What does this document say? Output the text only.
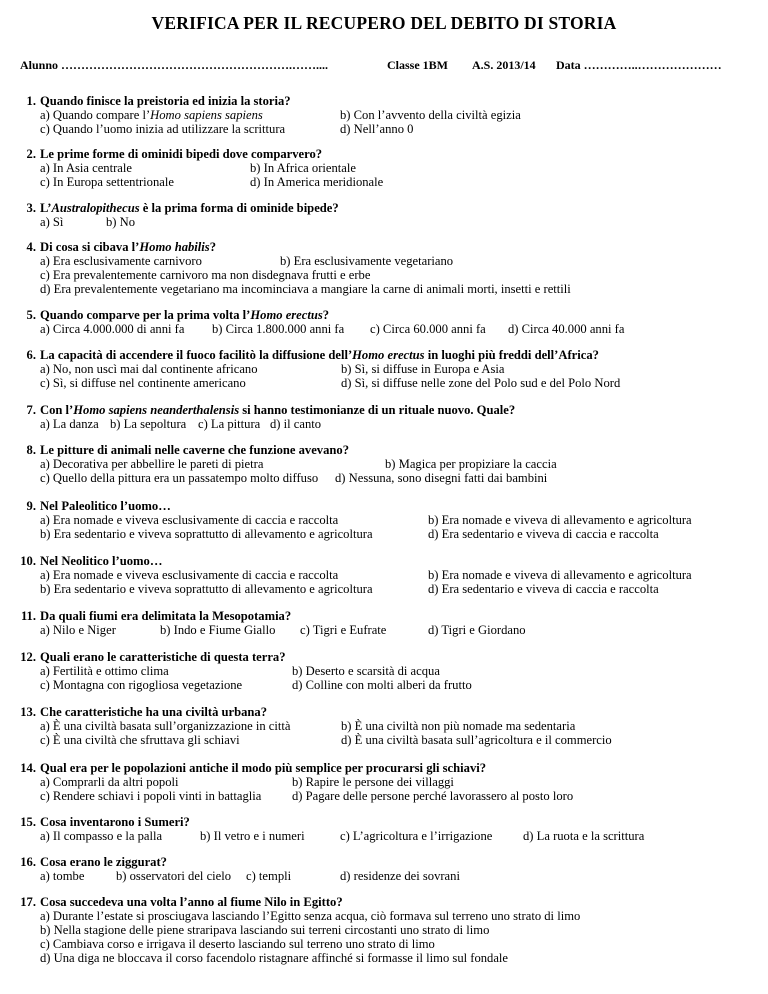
VERIFICA PER IL RECUPERO DEL DEBITO DI STORIA
Alunno ………………………………………………….……....	Classe 1BM A.S. 2013/14 Data …………..…………………
1. Quando finisce la preistoria ed inizia la storia?
a) Quando compare l’Homo sapiens sapiens	b) Con l’avvento della civiltà egizia
c) Quando l’uomo inizia ad utilizzare la scrittura	d) Nell’anno 0
2. Le prime forme di ominidi bipedi dove comparvero?
a) In Asia centrale	b) In Africa orientale
c) In Europa settentrionale	d) In America meridionale
3. L’Australopithecus è la prima forma di ominide bipede?
a) Sì	b) No
4. Di cosa si cibava l’Homo habilis?
a) Era esclusivamente carnivoro	b) Era esclusivamente vegetariano
c) Era prevalentemente carnivoro ma non disdegnava frutti e erbe
d) Era prevalentemente vegetariano ma incominciava a mangiare la carne di animali morti, insetti e rettili
5. Quando comparve per la prima volta l’Homo erectus?
a) Circa 4.000.000 di anni fa b) Circa 1.800.000 anni fa c) Circa 60.000 anni fa d) Circa 40.000 anni fa
6. La capacità di accendere il fuoco facilitò la diffusione dell’Homo erectus in luoghi più freddi dell’Africa?
a) No, non uscì mai dal continente africano	b) Sì, si diffuse in Europa e Asia
c) Sì, si diffuse nel continente americano	d) Sì, si diffuse nelle zone del Polo sud e del Polo Nord
7. Con l’Homo sapiens neanderthalensis si hanno testimonianze di un rituale nuovo. Quale?
a) La danza b) La sepoltura c) La pittura d) il canto
8. Le pitture di animali nelle caverne che funzione avevano?
a) Decorativa per abbellire le pareti di pietra	b) Magica per propiziare la caccia
c) Quello della pittura era un passatempo molto diffuso d) Nessuna, sono disegni fatti dai bambini
9. Nel Paleolitico l’uomo…
a) Era nomade e viveva esclusivamente di caccia e raccolta	b) Era nomade e viveva di allevamento e agricoltura
b) Era sedentario e viveva soprattutto di allevamento e agricoltura	d) Era sedentario e viveva di caccia e raccolta
10. Nel Neolitico l’uomo…
a) Era nomade e viveva esclusivamente di caccia e raccolta	b) Era nomade e viveva di allevamento e agricoltura
b) Era sedentario e viveva soprattutto di allevamento e agricoltura	d) Era sedentario e viveva di caccia e raccolta
11. Da quali fiumi era delimitata la Mesopotamia?
a) Nilo e Niger	b) Indo e Fiume Giallo c) Tigri e Eufrate	d) Tigri e Giordano
12. Quali erano le caratteristiche di questa terra?
a) Fertilità e ottimo clima	b) Deserto e scarsità di acqua
c) Montagna con rigogliosa vegetazione	d) Colline con molti alberi da frutto
13. Che caratteristiche ha una civiltà urbana?
a) È una civiltà basata sull’organizzazione in città	b) È una civiltà non più nomade ma sedentaria
c) È una civiltà che sfruttava gli schiavi	d) È una civiltà basata sull’agricoltura e il commercio
14. Qual era per le popolazioni antiche il modo più semplice per procurarsi gli schiavi?
a) Comprarli da altri popoli	b) Rapire le persone dei villaggi
c) Rendere schiavi i popoli vinti in battaglia d) Pagare delle persone perché lavorassero al posto loro
15. Cosa inventarono i Sumeri?
a) Il compasso e la palla	b) Il vetro e i numeri	c) L’agricoltura e l’irrigazione d) La ruota e la scrittura
16. Cosa erano le ziggurat?
a) tombe	b) osservatori del cielo c) templi	d) residenze dei sovrani
17. Cosa succedeva una volta l’anno al fiume Nilo in Egitto?
a) Durante l’estate si prosciugava lasciando l’Egitto senza acqua, ciò formava sul terreno uno strato di limo
b) Nella stagione delle piene straripava lasciando sui terreni circostanti uno strato di limo
c) Cambiava corso e irrigava il deserto lasciando sul terreno uno strato di limo
d) Una diga ne bloccava il corso facendolo ristagnare affinché si formasse il limo sul fondale
